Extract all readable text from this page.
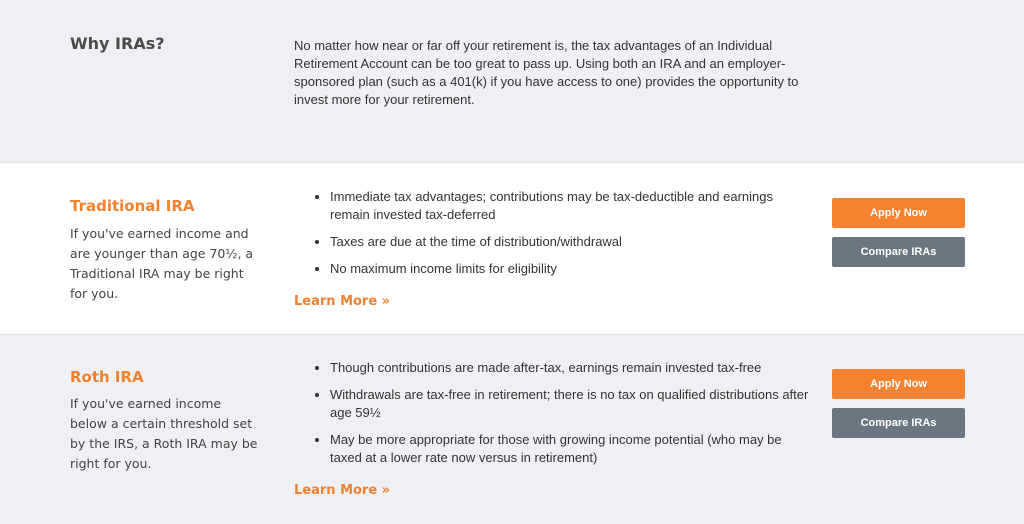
Why IRAs?	No matter how near or far off your retirement is, the tax advantages of an Individual Retirement Account can be too great to pass up. Using both an IRA and an employer-sponsored plan (such as a 401(k) if you have access to one) provides the opportunity to invest more for your retirement.

Traditional IRA

If you've earned income and are younger than age 70½, a Traditional IRA may be right for you.

• Immediate tax advantages; contributions may be tax-deductible and earnings remain invested tax-deferred
• Taxes are due at the time of distribution/withdrawal
• No maximum income limits for eligibility
Learn More »
Apply Now
Compare IRAs
Roth IRA

If you've earned income below a certain threshold set by the IRS, a Roth IRA may be right for you.

• Though contributions are made after-tax, earnings remain invested tax-free
• Withdrawals are tax-free in retirement; there is no tax on qualified distributions after age 59½
• May be more appropriate for those with growing income potential (who may be taxed at a lower rate now versus in retirement)
Learn More »
Apply Now
Compare IRAs
